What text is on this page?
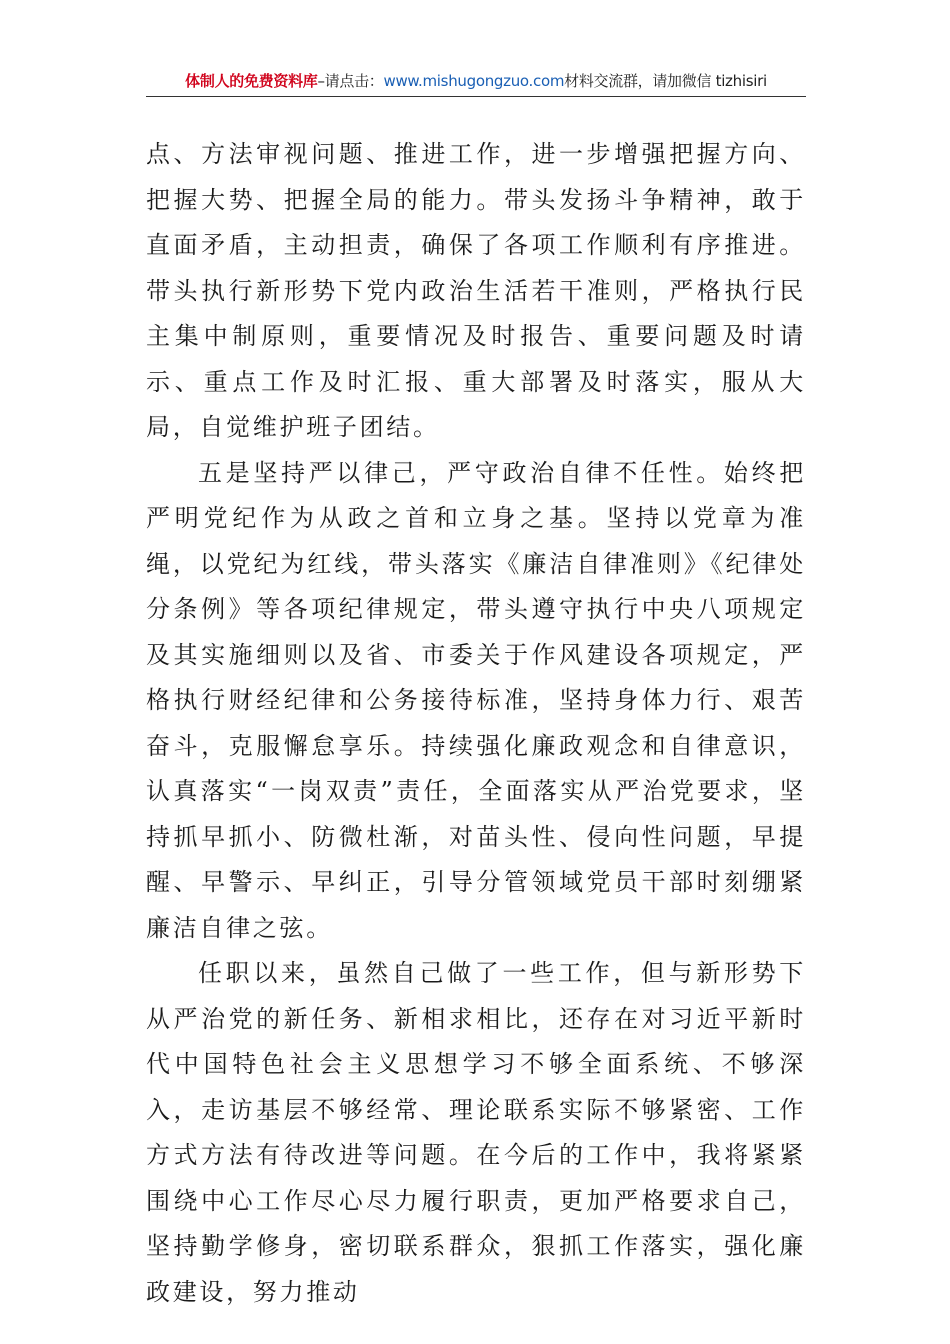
体制人的免费资料库–请点击：www.mishugongzuo.com材料交流群，请加微信 tizhisiri

点、方法审视问题、推进工作，进一步增强把握方向、把握大势、把握全局的能力。带头发扬斗争精神，敢于直面矛盾，主动担责，确保了各项工作顺利有序推进。带头执行新形势下党内政治生活若干准则，严格执行民主集中制原则，重要情况及时报告、重要问题及时请示、重点工作及时汇报、重大部署及时落实，服从大局，自觉维护班子团结。

五是坚持严以律己，严守政治自律不任性。始终把严明党纪作为从政之首和立身之基。坚持以党章为准绳，以党纪为红线，带头落实《廉洁自律准则》《纪律处分条例》等各项纪律规定，带头遵守执行中央八项规定及其实施细则以及省、市委关于作风建设各项规定，严格执行财经纪律和公务接待标准，坚持身体力行、艰苦奋斗，克服懈怠享乐。持续强化廉政观念和自律意识，认真落实“一岗双责”责任，全面落实从严治党要求，坚持抓早抓小、防微杜渐，对苗头性、侵向性问题，早提醒、早警示、早纠正，引导分管领域党员干部时刻绷紧廉洁自律之弦。

任职以来，虽然自己做了一些工作，但与新形势下从严治党的新任务、新相求相比，还存在对习近平新时代中国特色社会主义思想学习不够全面系统、不够深入，走访基层不够经常、理论联系实际不够紧密、工作方式方法有待改进等问题。在今后的工作中，我将紧紧围绕中心工作尽心尽力履行职责，更加严格要求自己，坚持勤学修身，密切联系群众，狠抓工作落实，强化廉政建设，努力推动
